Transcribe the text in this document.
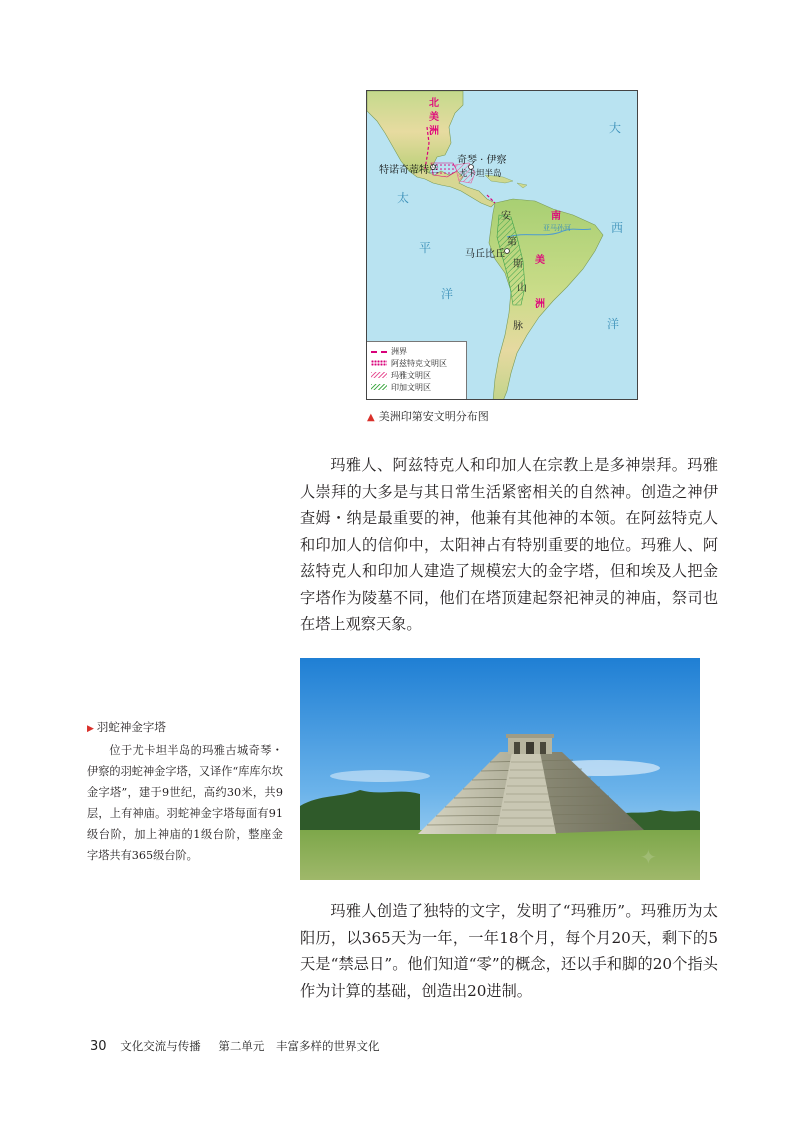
北
美
洲
南
美
洲
大
西
洋
太
平
洋
奇琴 · 伊察
特诺奇蒂特兰 尤卡坦半岛
马丘比丘
亚马孙河
安
第
斯
山
脉
洲界
阿兹特克文明区
玛雅文明区
印加文明区
▲ 美洲印第安文明分布图

玛雅人、阿兹特克人和印加人在宗教上是多神崇拜。玛雅人崇拜的大多是与其日常生活紧密相关的自然神。创造之神伊查姆・纳是最重要的神，他兼有其他神的本领。在阿兹特克人和印加人的信仰中，太阳神占有特别重要的地位。玛雅人、阿兹特克人和印加人建造了规模宏大的金字塔，但和埃及人把金字塔作为陵墓不同，他们在塔顶建起祭祀神灵的神庙，祭司也在塔上观察天象。

✦
▶ 羽蛇神金字塔

位于尤卡坦半岛的玛雅古城奇琴・伊察的羽蛇神金字塔，又译作“库库尔坎金字塔”，建于9世纪，高约30米，共9层，上有神庙。羽蛇神金字塔每面有91级台阶，加上神庙的1级台阶，整座金字塔共有365级台阶。

玛雅人创造了独特的文字，发明了“玛雅历”。玛雅历为太阳历，以365天为一年，一年18个月，每个月20天，剩下的5天是“禁忌日”。他们知道“零”的概念，还以手和脚的20个指头作为计算的基础，创造出20进制。

30 文化交流与传播 第二单元 丰富多样的世界文化
